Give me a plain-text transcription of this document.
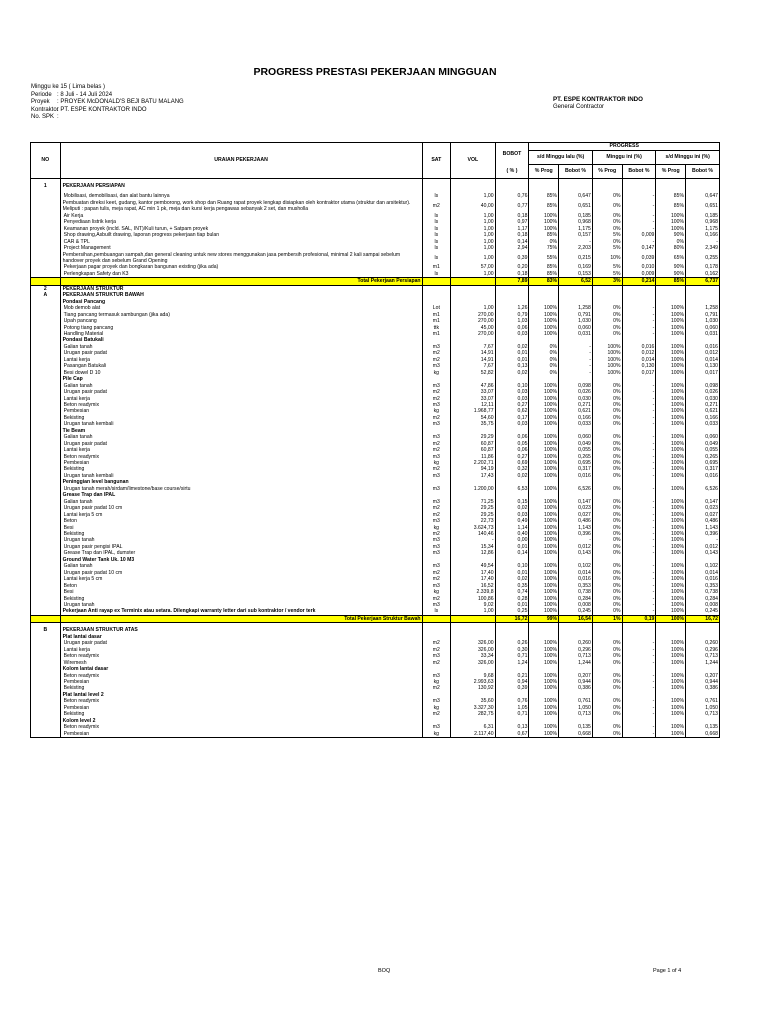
PROGRESS PRESTASI PEKERJAAN MINGGUAN
Minggu ke
: 15 ( Lima belas )
Periode : 8 Juli - 14 Juli 2024
Proyek	: PROYEK McDONALD'S BEJI BATU MALANG
Kontraktor
: PT. ESPE KONTRAKTOR INDO
No. SPK :
PT. ESPE KONTRAKTOR INDO
General Contractor
NO	URAIAN PEKERJAAN	SAT	VOL	BOBOT	PROGRESS					
					s/d Minggu lalu (%)		Minggu ini (%)		s/d Minggu ini (%)	
				( % )	% Prog	Bobot %	% Prog	Bobot %	% Prog	Bobot %

1	PEKERJAAN PERSIAPAN									

	Mobilisasi, demobilisasi, dan alat bantu lainnya	ls	1,00	0,76	85%	0,647	0%	-	85%	0,647
	Pembuatan direksi keet, gudang, kantor pemborong, work shop dan Ruang rapat proyek lengkap disiapkan oleh kontraktor utama (struktur dan arsitektur). Meliputi : papan tulis, meja rapat, AC min 1 pk, meja dan kursi kerja pengawas sebanyak 2 set, dan musholla	m2	40,00	0,77	85%	0,651	0%	-	85%	0,651
	Air Kerja	ls	1,00	0,18	100%	0,185	0%	-	100%	0,185
	Penyediaan listrik kerja	ls	1,00	0,97	100%	0,968	0%	-	100%	0,968
	Keamanan proyek (incld. SAL, INT)/Kuli turun, + Satpam proyek	ls	1,00	1,17	100%	1,175	0%	-	100%	1,175
	Shop drawing,Asbuilt drawing, laporan progress pekerjaan tiap bulan	ls	1,00	0,18	85%	0,157	5%	0,009	90%	0,166
	CAR & TPL	ls	1,00	0,14	0%	-	0%	-	0%	-
	Project Management	ls	1,00	2,94	75%	2,203	5%	0,147	80%	2,349
	Pembersihan,pembuangan sampah,dan general cleaning untuk new stores menggunakan jasa pembersih profesional, minimal 2 kali sampai sebelum handover proyek dan sebelum Grand Opening	ls	1,00	0,39	55%	0,215	10%	0,039	65%	0,255
	Pekerjaan pagar proyek dan bongkaran bangunan existing (jika ada)	m1	57,00	0,20	85%	0,169	5%	0,010	90%	0,178
	Perlengkapan Safety dan K3	ls	1,00	0,18	85%	0,153	5%	0,009	90%	0,162
	Total Pekerjaan Persiapan			7,89	83%	6,52	3%	0,214	85%	6,737
2	PEKERJAAN STRUKTUR									
A	PEKERJAAN STRUKTUR BAWAH									
	Pondasi Pancang									
	Mob demob alat	Lot	1,00	1,26	100%	1,258	0%	-	100%	1,258
	Tiang pancang termasuk sambungan (jika ada)	m1	270,00	0,79	100%	0,791	0%	-	100%	0,791
	Upah pancang	m1	270,00	1,03	100%	1,030	0%	-	100%	1,030
	Potong tiang pancang	ttk	45,00	0,06	100%	0,060	0%	-	100%	0,060
	Handling Material	m1	270,00	0,03	100%	0,031	0%	-	100%	0,031
	Pondasi Batukali									
	Galian tanah	m3	7,67	0,02	0%	-	100%	0,016	100%	0,016
	Urugan pasir padat	m2	14,91	0,01	0%	-	100%	0,012	100%	0,012
	Lantai kerja	m2	14,91	0,01	0%	-	100%	0,014	100%	0,014
	Pasangan Batukali	m3	7,67	0,13	0%	-	100%	0,130	100%	0,130
	Besi dowel D 10	kg	52,82	0,02	0%	-	100%	0,017	100%	0,017
	Pile Cap									
	Galian tanah	m3	47,86	0,10	100%	0,098	0%	-	100%	0,098
	Urugan pasir padat	m2	33,07	0,03	100%	0,026	0%	-	100%	0,026
	Lantai kerja	m2	33,07	0,03	100%	0,030	0%	-	100%	0,030
	Beton readymix	m3	12,11	0,27	100%	0,271	0%	-	100%	0,271
	Pembesian	kg	1.968,77	0,62	100%	0,621	0%	-	100%	0,621
	Bekisting	m2	54,60	0,17	100%	0,166	0%	-	100%	0,166
	Urugan tanah kembali	m3	35,75	0,03	100%	0,033	0%	-	100%	0,033
	Tie Beam									
	Galian tanah	m3	29,29	0,06	100%	0,060	0%	-	100%	0,060
	Urugan pasir padat	m2	60,87	0,05	100%	0,049	0%	-	100%	0,049
	Lantai kerja	m2	60,87	0,06	100%	0,055	0%	-	100%	0,055
	Beton readymix	m3	11,86	0,27	100%	0,265	0%	-	100%	0,265
	Pembesian	kg	2.202,71	0,69	100%	0,695	0%	-	100%	0,695
	Bekisting	m2	94,19	0,32	100%	0,317	0%	-	100%	0,317
	Urugan tanah kembali	m3	17,43	0,02	100%	0,016	0%	-	100%	0,016
	Peninggian level bangunan									
	Urugan tanah merah/sirdam/limestone/base course/sirtu	m3	1.200,00	6,53	100%	6,526	0%	-	100%	6,526
	Grease Trap dan IPAL									
	Galian tanah	m3	71,25	0,15	100%	0,147	0%	-	100%	0,147
	Urugan pasir padat 10 cm	m2	29,25	0,02	100%	0,023	0%	-	100%	0,023
	Lantai kerja 5 cm	m2	29,25	0,03	100%	0,027	0%	-	100%	0,027
	Beton	m3	22,73	0,49	100%	0,486	0%	-	100%	0,486
	Besi	kg	3.624,73	1,14	100%	1,143	0%	-	100%	1,143
	Bekisting	m2	140,46	0,40	100%	0,396	0%	-	100%	0,396
	Urugan tanah	m3	-	0,00	100%	-	0%	-	100%	-
	Urugan pasir pengisi IPAL	m3	15,34	0,01	100%	0,012	0%	-	100%	0,012
	Grease Trap dan IPAL, dumster	m3	12,86	0,14	100%	0,143	0%	-	100%	0,143
	Ground Water Tank Uk. 10 M3									
	Galian tanah	m3	49,54	0,10	100%	0,102	0%	-	100%	0,102
	Urugan pasir padat 10 cm	m2	17,40	0,01	100%	0,014	0%	-	100%	0,014
	Lantai kerja 5 cm	m2	17,40	0,02	100%	0,016	0%	-	100%	0,016
	Beton	m3	16,52	0,35	100%	0,353	0%	-	100%	0,353
	Besi	kg	2.339,8	0,74	100%	0,738	0%	-	100%	0,738
	Bekisting	m2	100,86	0,28	100%	0,284	0%	-	100%	0,284
	Urugan tanah	m3	9,02	0,01	100%	0,008	0%	-	100%	0,008
	Pekerjaan Anti rayap ex Terminix atau setara. Dilengkapi warranty letter dari sub kontraktor / vendor terk	ls	1,00	0,25	100%	0,245	0%	-	100%	0,245
	Total Pekerjaan Struktur Bawah			16,72	99%	16,54	1%	0,19	100%	16,72

B	PEKERJAAN STRUKTUR ATAS									
	Plat lantai dasar									
	Urugan pasir padat	m2	326,00	0,26	100%	0,260	0%	-	100%	0,260
	Lantai kerja	m2	326,00	0,30	100%	0,296	0%	-	100%	0,296
	Beton readymix	m3	33,34	0,71	100%	0,713	0%	-	100%	0,713
	Wiremesh	m2	326,00	1,24	100%	1,244	0%	-	100%	1,244
	Kolom lantai dasar									
	Beton readymix	m3	9,68	0,21	100%	0,207	0%	-	100%	0,207
	Pembesian	kg	2.993,63	0,94	100%	0,944	0%	-	100%	0,944
	Bekisting	m2	130,92	0,39	100%	0,386	0%	-	100%	0,386
	Plat lantai level 2									
	Beton readymix	m3	35,60	0,76	100%	0,761	0%	-	100%	0,761
	Pembesian	kg	3.327,30	1,05	100%	1,050	0%	-	100%	1,050
	Bekisting	m2	282,75	0,71	100%	0,713	0%	-	100%	0,713
	Kolom level 2									
	Beton readymix	m3	6,31	0,13	100%	0,135	0%	-	100%	0,135
	Pembesian	kg	2.117,40	0,67	100%	0,668	0%	-	100%	0,668
BOQ	Page 1 of 4
